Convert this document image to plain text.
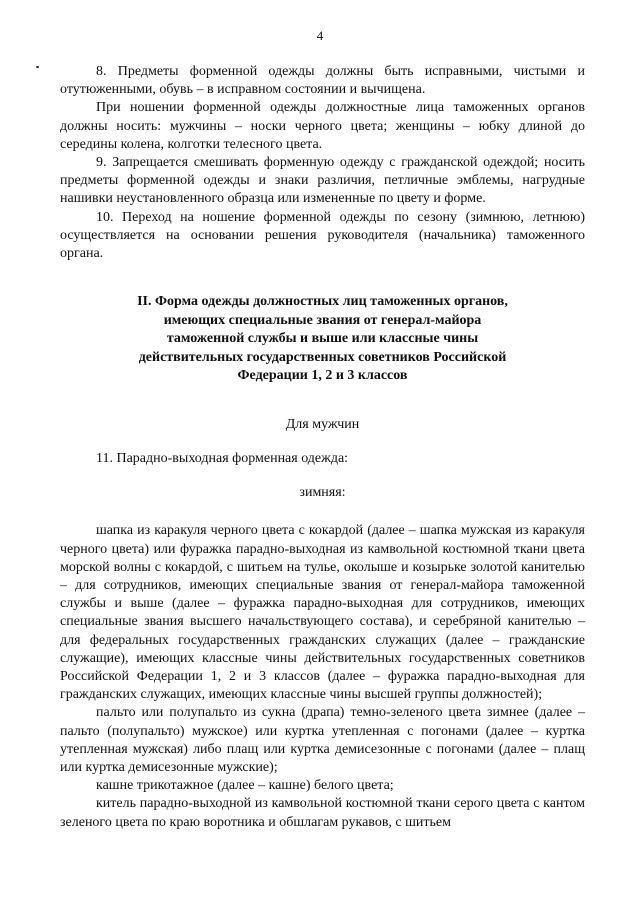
4

8. Предметы форменной одежды должны быть исправными, чистыми и отутюженными, обувь – в исправном состоянии и вычищена.

При ношении форменной одежды должностные лица таможенных органов должны носить: мужчины – носки черного цвета; женщины – юбку длиной до середины колена, колготки телесного цвета.

9. Запрещается смешивать форменную одежду с гражданской одеждой; носить предметы форменной одежды и знаки различия, петличные эмблемы, нагрудные нашивки неустановленного образца или измененные по цвету и форме.

10. Переход на ношение форменной одежды по сезону (зимнюю, летнюю) осуществляется на основании решения руководителя (начальника) таможенного органа.

II. Форма одежды должностных лиц таможенных органов, имеющих специальные звания от генерал-майора таможенной службы и выше или классные чины действительных государственных советников Российской Федерации 1, 2 и 3 классов
Для мужчин

11. Парадно-выходная форменная одежда:

зимняя:

шапка из каракуля черного цвета с кокардой (далее – шапка мужская из каракуля черного цвета) или фуражка парадно-выходная из камвольной костюмной ткани цвета морской волны с кокардой, с шитьем на тулье, околыше и козырьке золотой канителью – для сотрудников, имеющих специальные звания от генерал-майора таможенной службы и выше (далее – фуражка парадно-выходная для сотрудников, имеющих специальные звания высшего начальствующего состава), и серебряной канителью – для федеральных государственных гражданских служащих (далее – гражданские служащие), имеющих классные чины действительных государственных советников Российской Федерации 1, 2 и 3 классов (далее – фуражка парадно-выходная для гражданских служащих, имеющих классные чины высшей группы должностей);

пальто или полупальто из сукна (драпа) темно-зеленого цвета зимнее (далее – пальто (полупальто) мужское) или куртка утепленная с погонами (далее – куртка утепленная мужская) либо плащ или куртка демисезонные с погонами (далее – плащ или куртка демисезонные мужские);

кашне трикотажное (далее – кашне) белого цвета;

китель парадно-выходной из камвольной костюмной ткани серого цвета с кантом зеленого цвета по краю воротника и обшлагам рукавов, с шитьем
